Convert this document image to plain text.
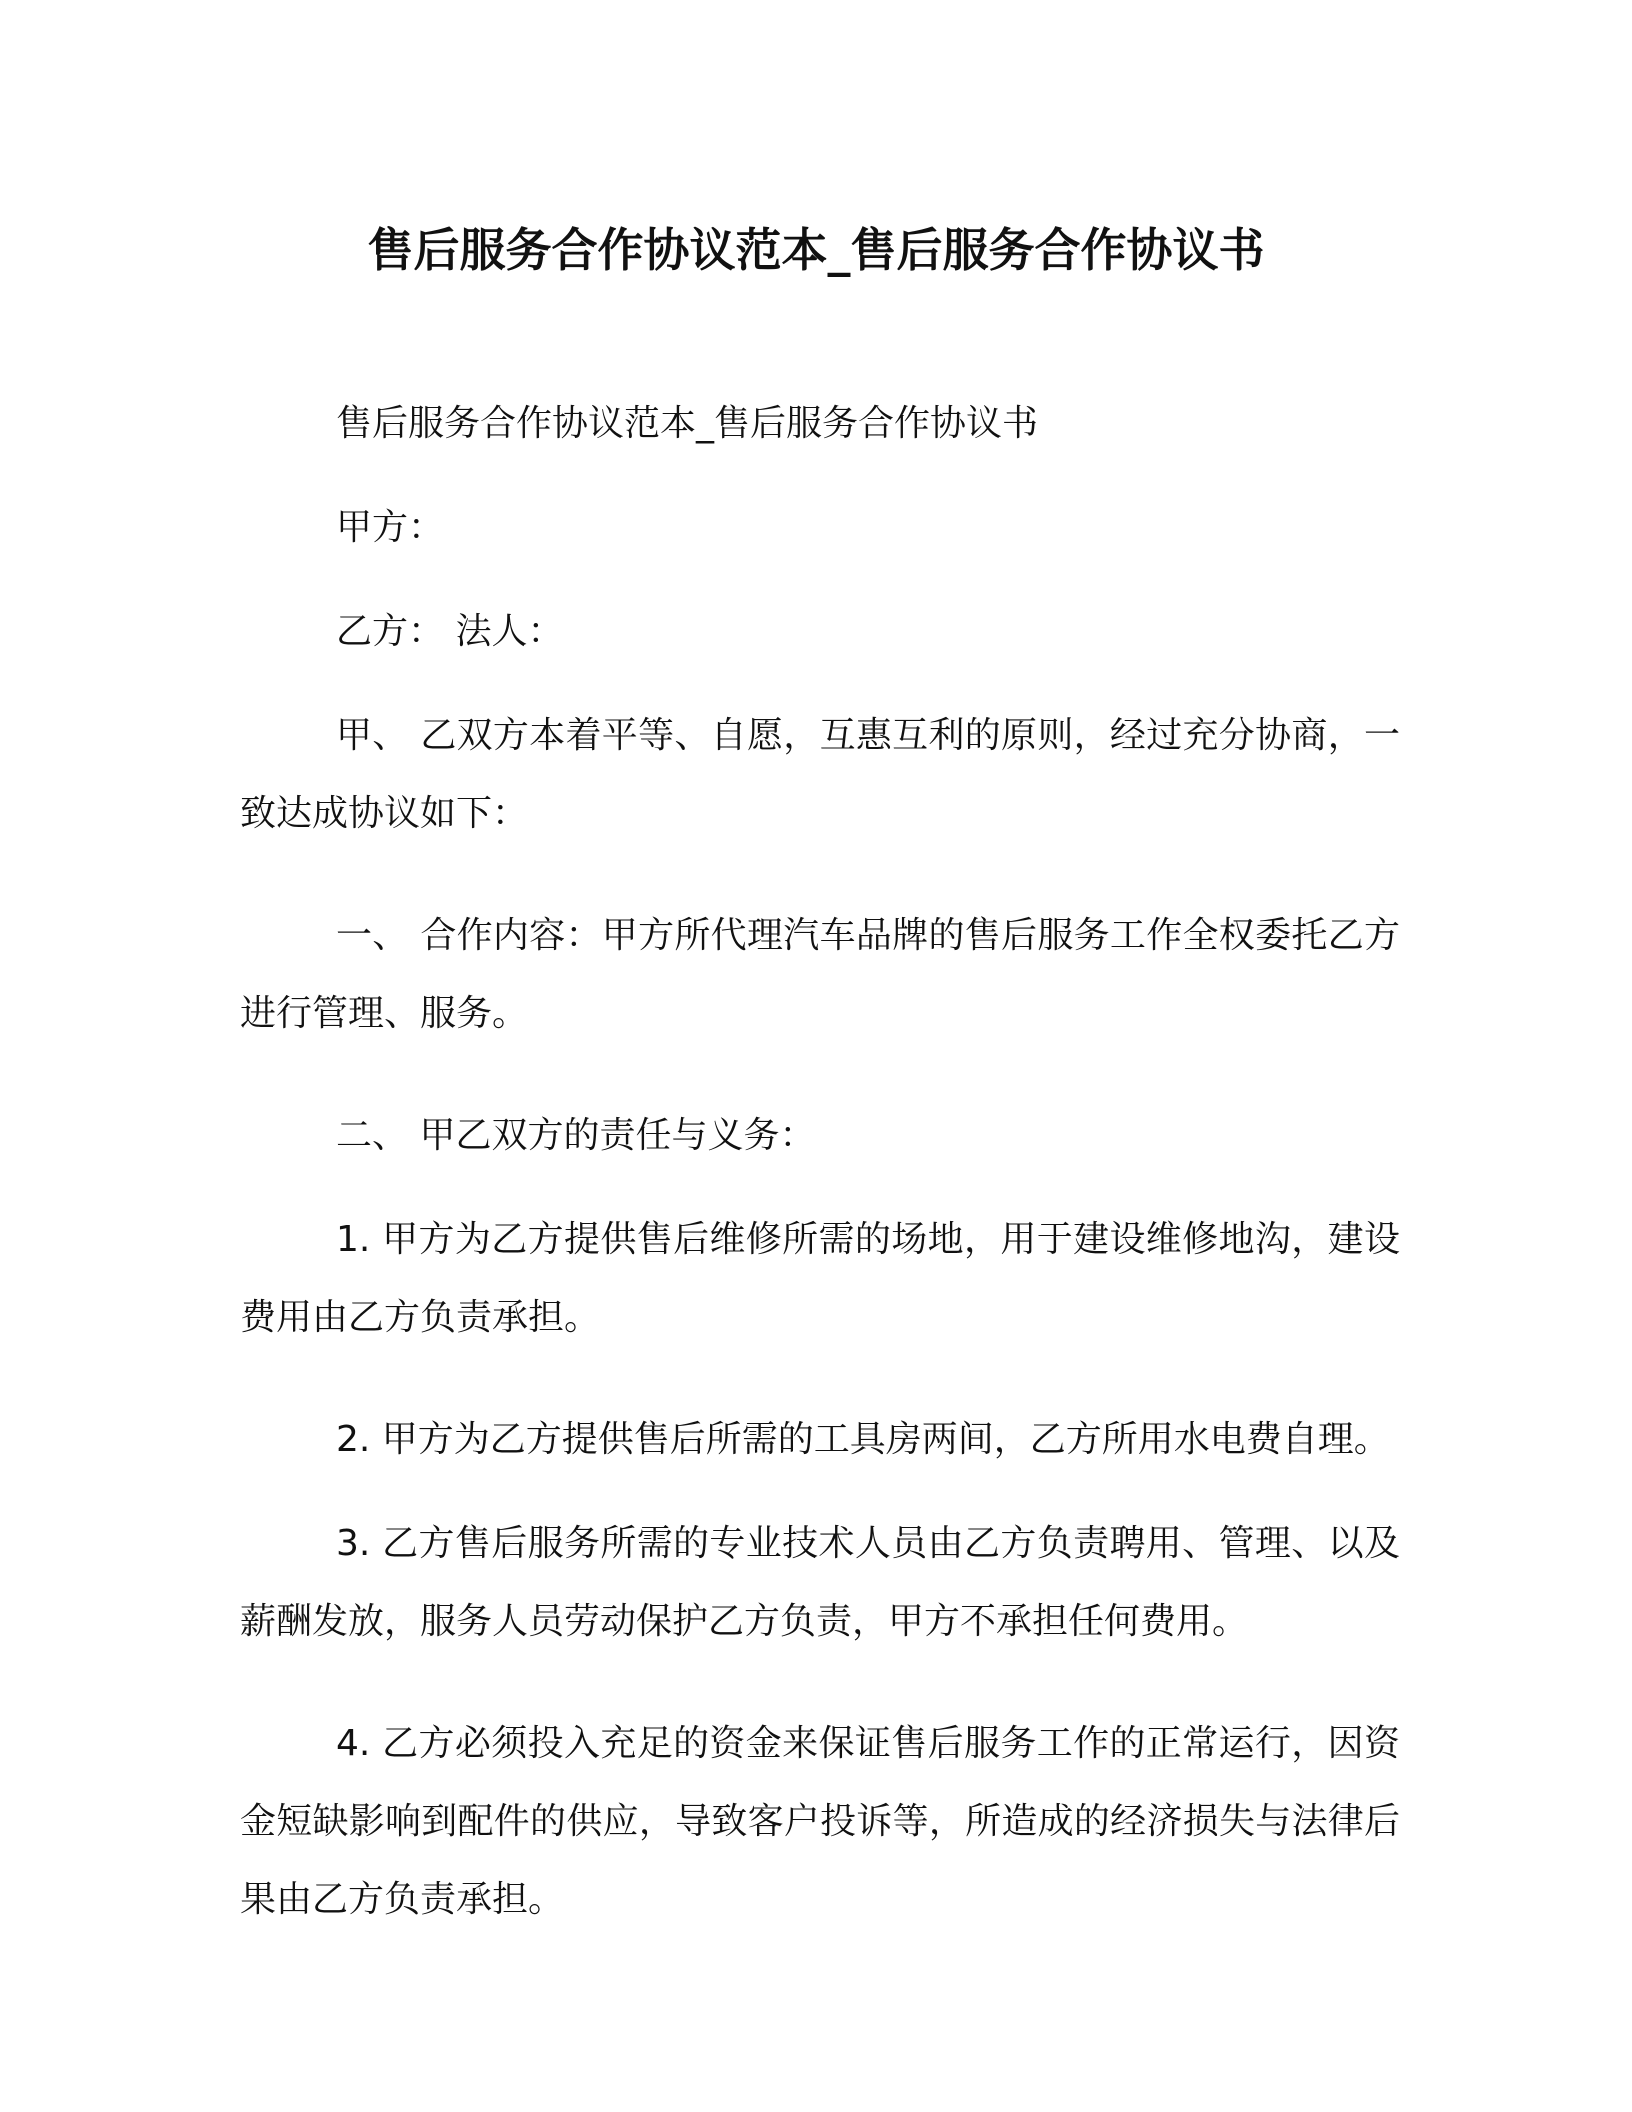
售后服务合作协议范本_售后服务合作协议书

售后服务合作协议范本_售后服务合作协议书

甲方：

乙方： 法人：

甲、 乙双方本着平等、自愿，互惠互利的原则，经过充分协商，一致达成协议如下：

一、 合作内容：甲方所代理汽车品牌的售后服务工作全权委托乙方进行管理、服务。

二、 甲乙双方的责任与义务：

1. 甲方为乙方提供售后维修所需的场地，用于建设维修地沟，建设费用由乙方负责承担。

2. 甲方为乙方提供售后所需的工具房两间，乙方所用水电费自理。

3. 乙方售后服务所需的专业技术人员由乙方负责聘用、管理、以及薪酬发放，服务人员劳动保护乙方负责，甲方不承担任何费用。

4. 乙方必须投入充足的资金来保证售后服务工作的正常运行，因资金短缺影响到配件的供应，导致客户投诉等，所造成的经济损失与法律后果由乙方负责承担。
